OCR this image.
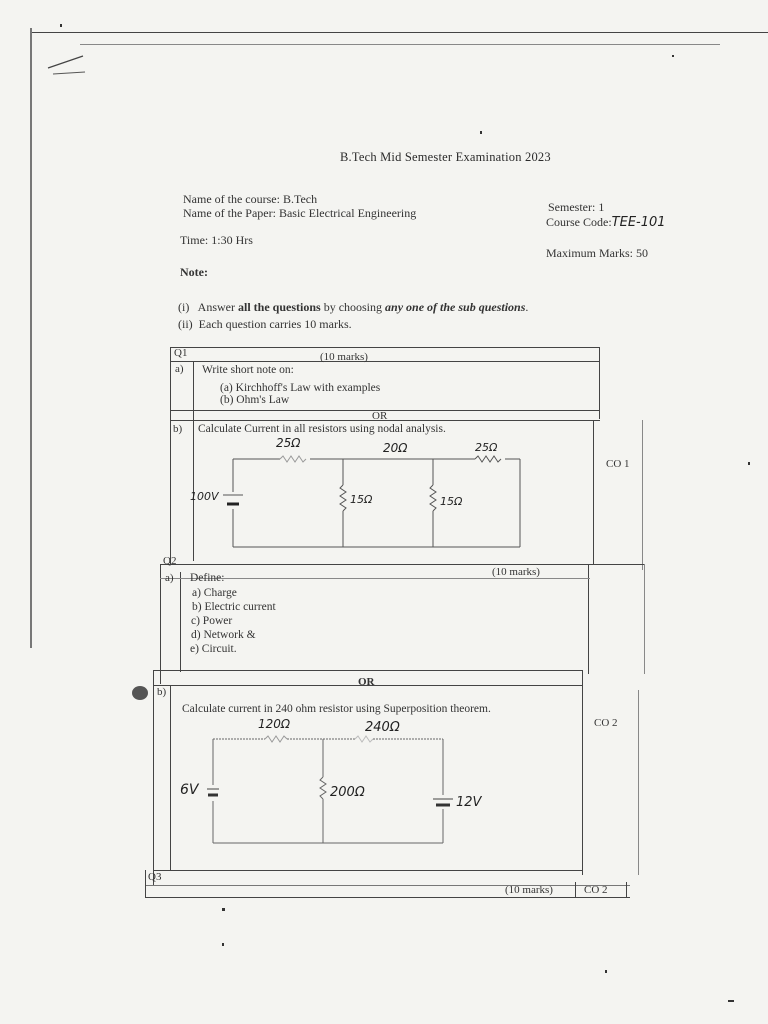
B.Tech Mid Semester Examination 2023
Name of the course: B.Tech
Name of the Paper: Basic Electrical Engineering	Semester: 1
Course Code:TEE-101
Time: 1:30 Hrs
Maximum Marks: 50
Note:
(i) Answer all the questions by choosing any one of the sub questions.
(ii) Each question carries 10 marks.
Q1	(10 marks)
a) Write short note on:
(a) Kirchhoff's Law with examples
(b) Ohm's Law
OR
b) Calculate Current in all resistors using nodal analysis.
CO 1
25Ω	20Ω	25Ω
100V	15Ω	15Ω
Q2
(10 marks)
a) Define:
a) Charge
b) Electric current
c) Power
d) Network &
e) Circuit.
OR
b)
Calculate current in 240 ohm resistor using Superposition theorem.
CO 2
120Ω	240Ω
6V	200Ω
12V
Q3
(10 marks)	CO 2
